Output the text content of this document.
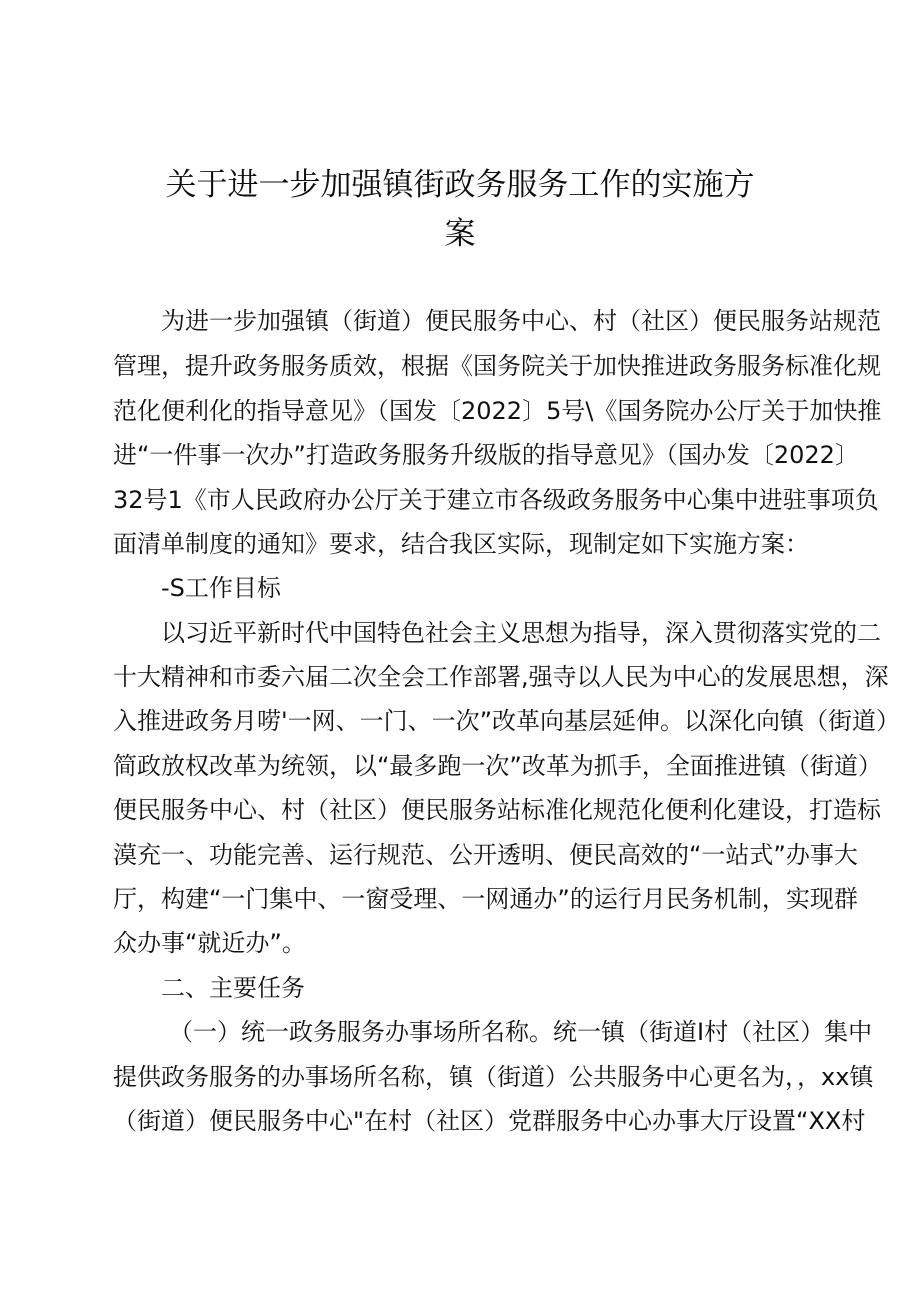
关于进一步加强镇街政务服务工作的实施方
案
为进一步加强镇（街道）便民服务中心、村（社区）便民服务站规范
管理，提升政务服务质效，根据《国务院关于加快推进政务服务标准化规
范化便利化的指导意见》（国发〔2022〕5号\《国务院办公厅关于加快推
进“一件事一次办”打造政务服务升级版的指导意见》（国办发〔2022〕
32号1《市人民政府办公厅关于建立市各级政务服务中心集中进驻事项负
面清单制度的通知》要求，结合我区实际，现制定如下实施方案：
-S工作目标
以习近平新时代中国特色社会主义思想为指导，深入贯彻落实党的二
十大精神和市委六届二次全会工作部署,强寺以人民为中心的发展思想，深
入推进政务月唠'一网、一门、一次”改革向基层延伸。以深化向镇（街道）
简政放权改革为统领，以“最多跑一次”改革为抓手，全面推进镇（街道）
便民服务中心、村（社区）便民服务站标准化规范化便利化建设，打造标
漠充一、功能完善、运行规范、公开透明、便民高效的“一站式”办事大
厅，构建“一门集中、一窗受理、一网通办”的运行月民务机制，实现群
众办事“就近办”。
二、主要任务
（一）统一政务服务办事场所名称。统一镇（街道I村（社区）集中
提供政务服务的办事场所名称，镇（街道）公共服务中心更名为，，xx镇
（街道）便民服务中心"在村（社区）党群服务中心办事大厅设置“XX村
